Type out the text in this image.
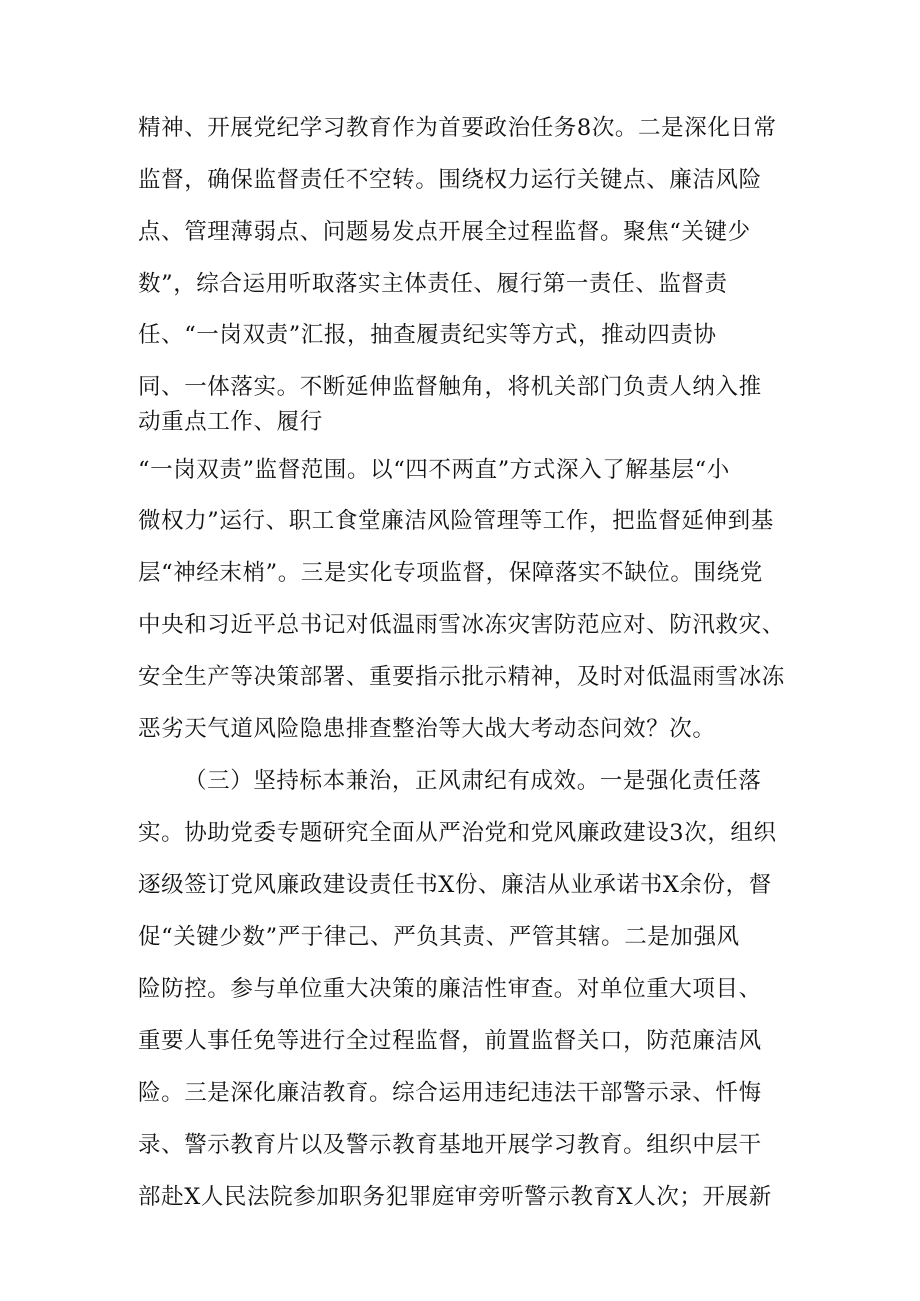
精神、开展党纪学习教育作为首要政治任务8次。二是深化日常
监督，确保监督责任不空转。围绕权力运行关键点、廉洁风险
点、管理薄弱点、问题易发点开展全过程监督。聚焦“关键少
数”，综合运用听取落实主体责任、履行第一责任、监督责
任、“一岗双责”汇报，抽查履责纪实等方式，推动四责协
同、一体落实。不断延伸监督触角，将机关部门负责人纳入推
动重点工作、履行
“一岗双责”监督范围。以“四不两直”方式深入了解基层“小
微权力”运行、职工食堂廉洁风险管理等工作，把监督延伸到基
层“神经末梢”。三是实化专项监督，保障落实不缺位。围绕党
中央和习近平总书记对低温雨雪冰冻灾害防范应对、防汛救灾、
安全生产等决策部署、重要指示批示精神，及时对低温雨雪冰冻
恶劣天气道风险隐患排查整治等大战大考动态问效？次。
（三）坚持标本兼治，正风肃纪有成效。一是强化责任落
实。协助党委专题研究全面从严治党和党风廉政建设3次，组织
逐级签订党风廉政建设责任书X份、廉洁从业承诺书X余份，督
促“关键少数”严于律己、严负其责、严管其辖。二是加强风
险防控。参与单位重大决策的廉洁性审查。对单位重大项目、
重要人事任免等进行全过程监督，前置监督关口，防范廉洁风
险。三是深化廉洁教育。综合运用违纪违法干部警示录、忏悔
录、警示教育片以及警示教育基地开展学习教育。组织中层干
部赴X人民法院参加职务犯罪庭审旁听警示教育X人次；开展新
